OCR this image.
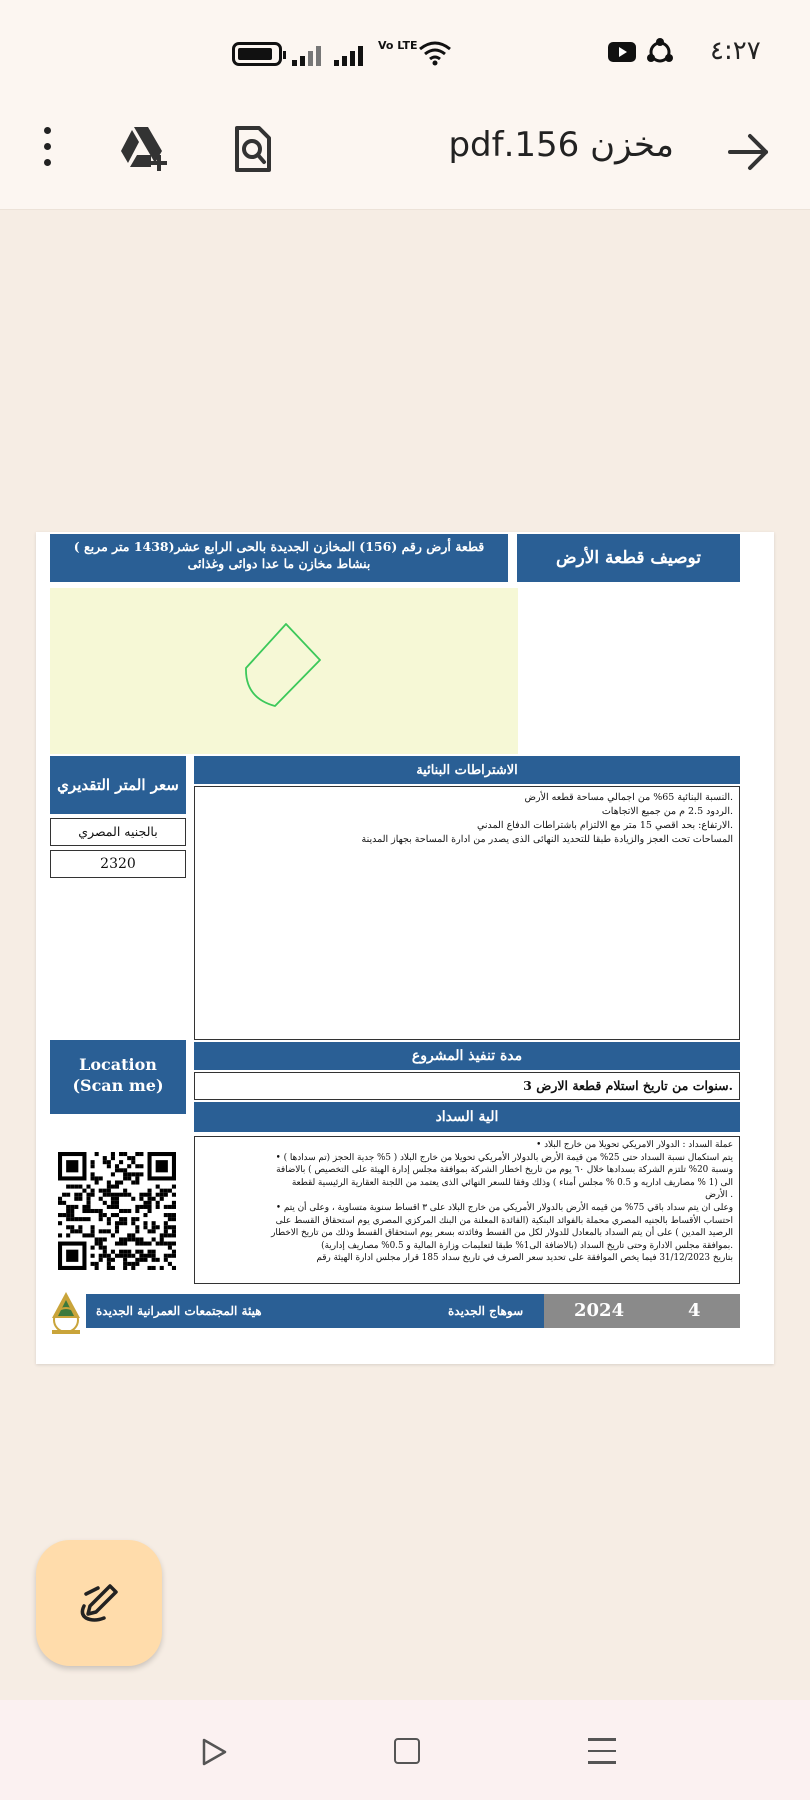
Vo LTE	٤:٢٧
مخزن 156.pdf
قطعة أرض رقم (156) المخازن الجديدة بالحى الرابع عشر(1438 متر مربع ) بنشاط مخازن ما عدا دوائى وغذائى	توصيف قطعة الأرض
سعر المتر التقديري
بالجنيه المصري
2320
الاشتراطات البنائية
.النسبة البنائية 65% من اجمالي مساحة قطعه الأرض
.الردود 2.5 م من جميع الاتجاهات
.الارتفاع: بحد اقصي 15 متر مع الالتزام باشتراطات الدفاع المدني
المساحات تحت العجز والزيادة طبقا للتحديد النهائى الذى يصدر من ادارة المساحة بجهاز المدينة
Location
(Scan me)
مدة تنفيذ المشروع
.سنوات من تاريخ استلام قطعة الارض 3
الية السداد

عملة السداد : الدولار الامريكي تحويلا من خارج البلاد •

يتم استكمال نسبة السداد حتى 25% من قيمة الأرض بالدولار الأمريكي تحويلا من خارج البلاد ( 5% جدية الحجز (تم سدادها ) •

ونسبة 20% تلتزم الشركة بسدادها خلال ٦٠ يوم من تاريخ اخطار الشركة بموافقة مجلس إدارة الهيئة على التخصيص ) بالاضافة

الى (1 % مصاريف اداريه و 0.5 % مجلس أمناء ) وذلك وفقا للسعر النهائي الذى يعتمد من اللجنة العقارية الرئيسية لقطعة

. الأرض

وعلى ان يتم سداد باقي 75% من قيمه الأرض بالدولار الأمريكي من خارج البلاد على ٣ اقساط سنوية متساوية ، وعلى أن يتم •

احتساب الأقساط بالجنيه المصري محملة بالفوائد البنكية (الفائدة المعلنة من البنك المركزي المصري يوم استحقاق القسط على

الرصيد المدين ) على أن يتم السداد بالمعادل للدولار لكل من القسط وفائدته بسعر يوم استحقاق القسط وذلك من تاريخ الاخطار

.بموافقة مجلس الادارة وحتى تاريخ السداد (بالاضافة الى1% طبقا لتعليمات وزارة المالية و 0.5% مصاريف إدارية)

بتاريخ 31/12/2023 فيما يخص الموافقة على تحديد سعر الصرف في تاريخ سداد 185 قرار مجلس ادارة الهيئة رقم

هيئة المجتمعات العمرانية الجديدة	سوهاج الجديدة	2024	4
